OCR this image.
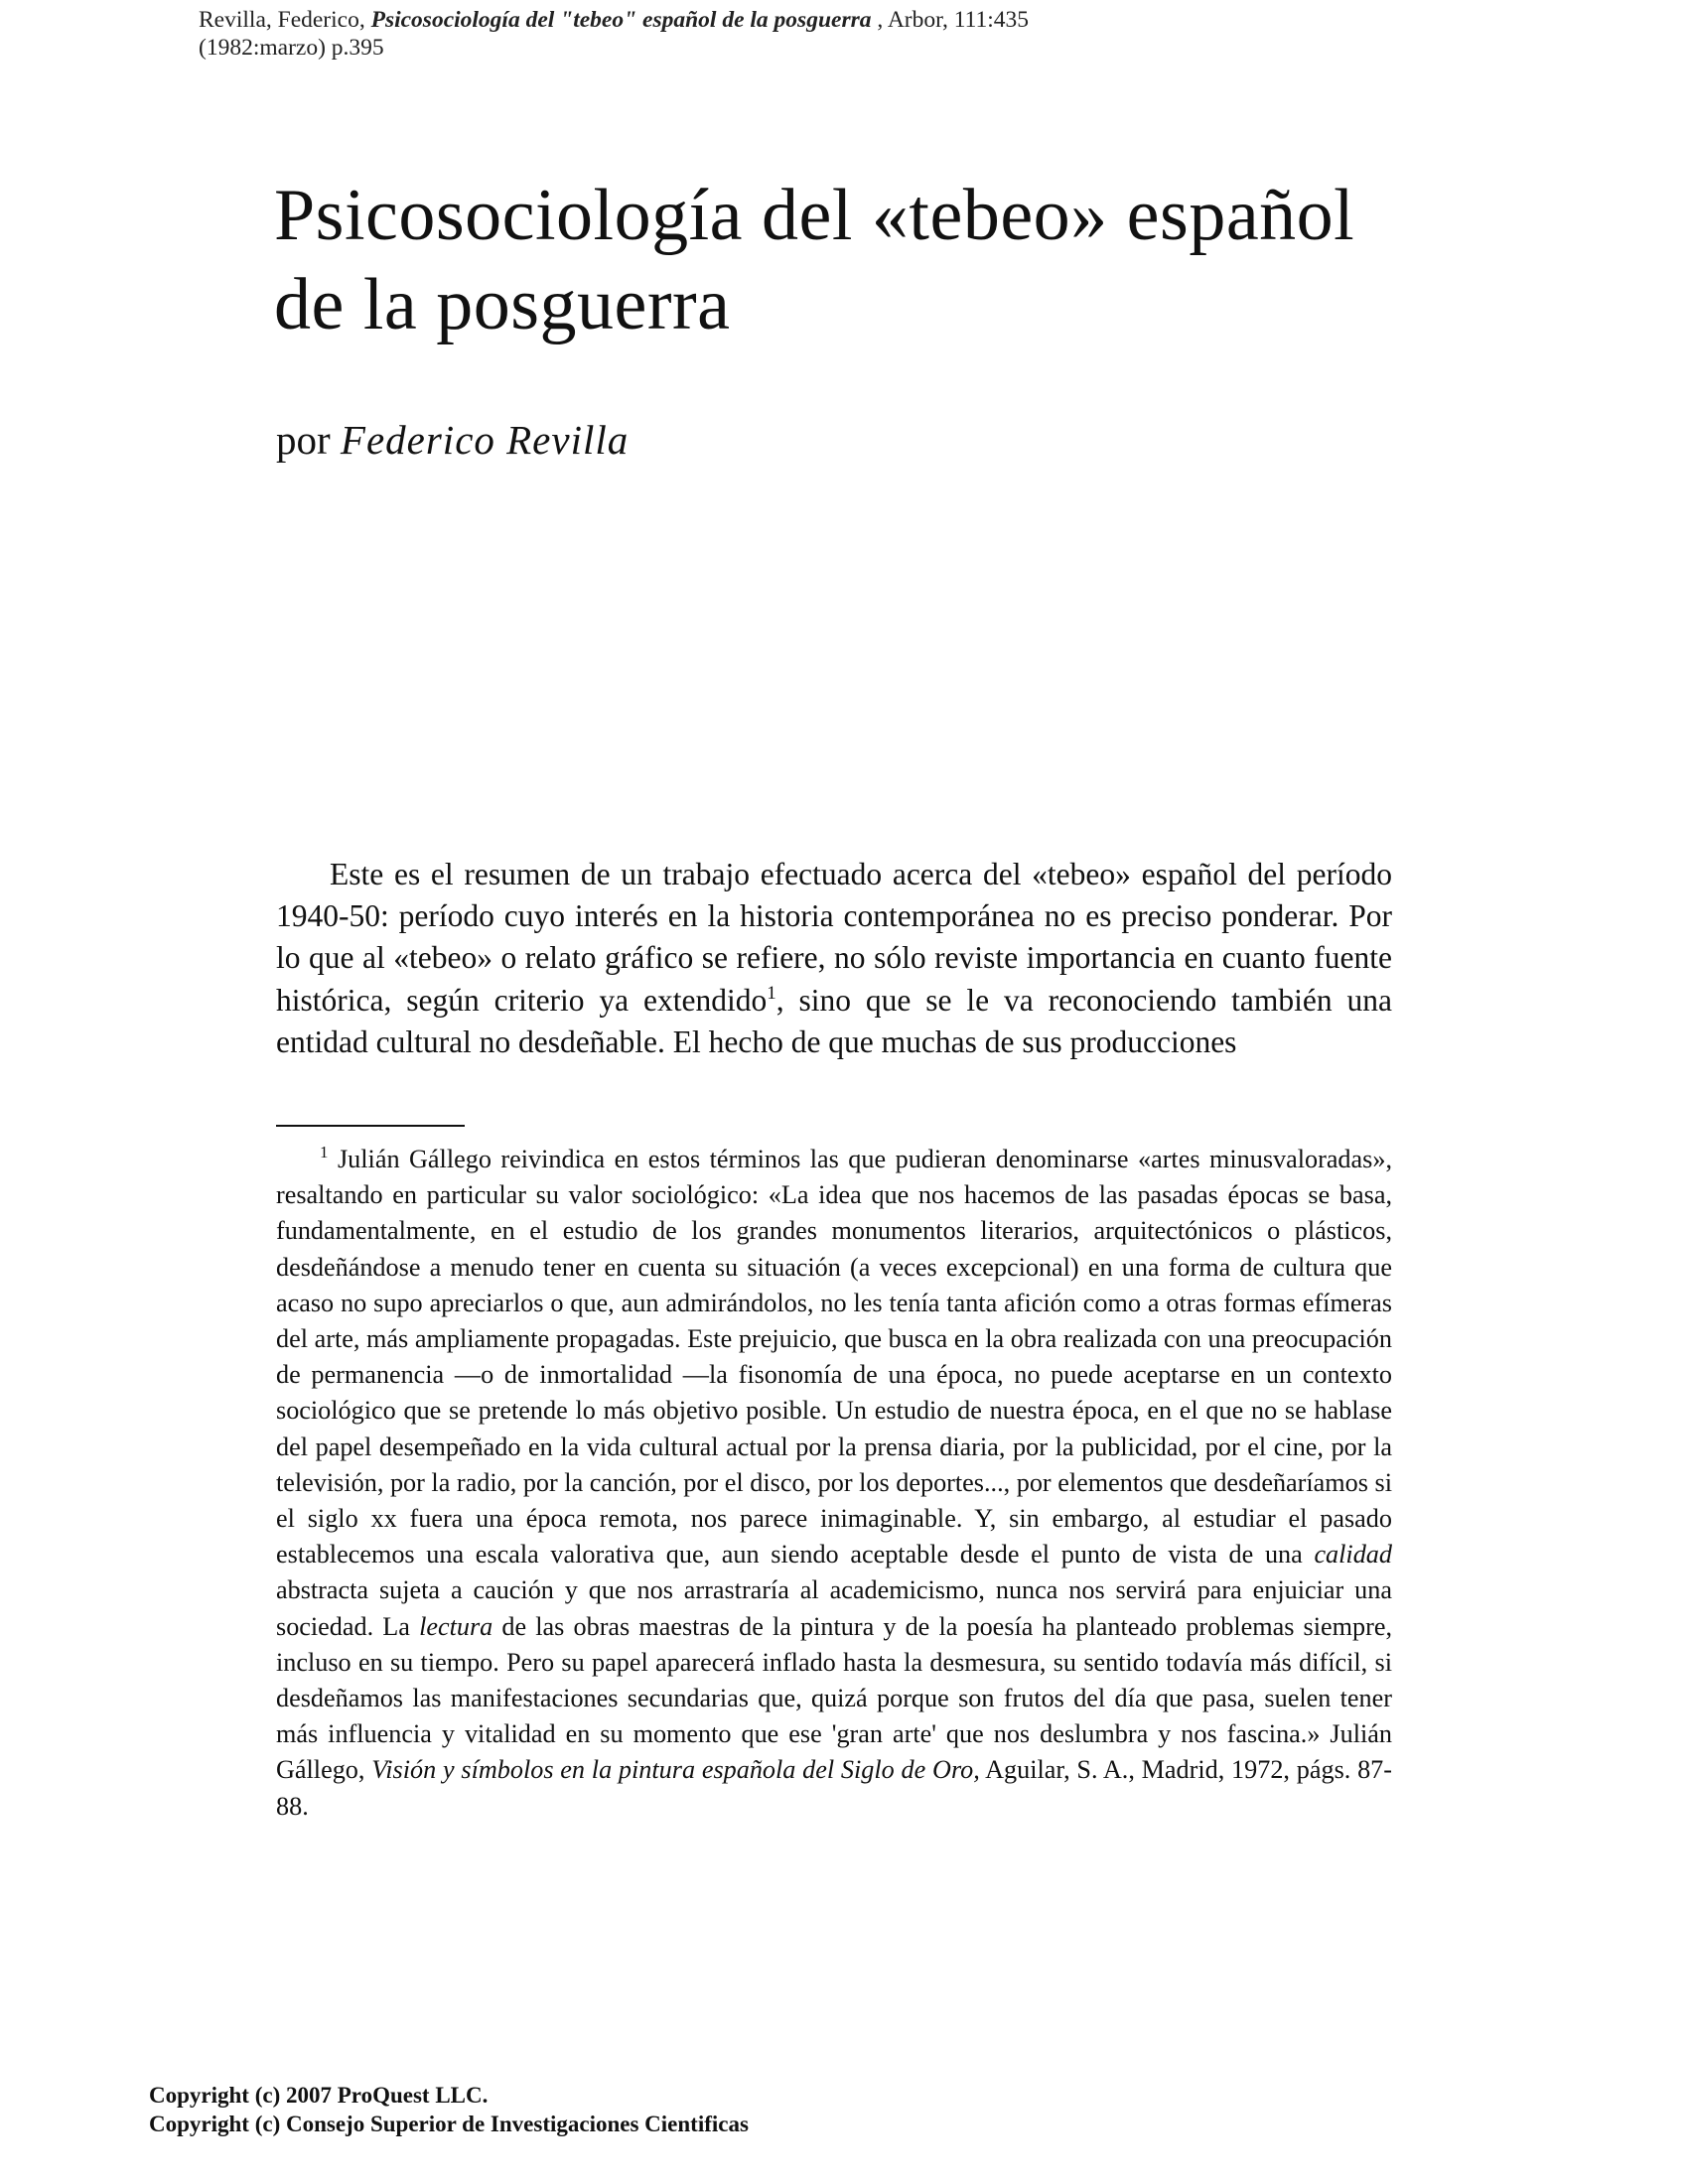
Revilla, Federico, Psicosociología del "tebeo" español de la posguerra , Arbor, 111:435
(1982:marzo) p.395
Psicosociología del «tebeo» español
de la posguerra
por Federico Revilla

Este es el resumen de un trabajo efectuado acerca del «tebeo» español del período 1940-50: período cuyo interés en la historia contemporánea no es preciso ponderar. Por lo que al «tebeo» o relato gráfico se refiere, no sólo reviste importancia en cuanto fuente histórica, según criterio ya extendido$^1$, sino que se le va reconociendo también una entidad cultural no desdeñable. El hecho de que muchas de sus producciones

$^1$ Julián Gállego reivindica en estos términos las que pudieran denominarse «artes minusvaloradas», resaltando en particular su valor sociológico: «La idea que nos hacemos de las pasadas épocas se basa, fundamentalmente, en el estudio de los grandes monumentos literarios, arquitectónicos o plásticos, desdeñándose a menudo tener en cuenta su situación (a veces excepcional) en una forma de cultura que acaso no supo apreciarlos o que, aun admirándolos, no les tenía tanta afición como a otras formas efímeras del arte, más ampliamente propagadas. Este prejuicio, que busca en la obra realizada con una preocupación de permanencia —o de inmortalidad —la fisonomía de una época, no puede aceptarse en un contexto sociológico que se pretende lo más objetivo posible. Un estudio de nuestra época, en el que no se hablase del papel desempeñado en la vida cultural actual por la prensa diaria, por la publicidad, por el cine, por la televisión, por la radio, por la canción, por el disco, por los deportes..., por elementos que desdeñaríamos si el siglo xx fuera una época remota, nos parece inimaginable. Y, sin embargo, al estudiar el pasado establecemos una escala valorativa que, aun siendo aceptable desde el punto de vista de una calidad abstracta sujeta a caución y que nos arrastraría al academicismo, nunca nos servirá para enjuiciar una sociedad. La lectura de las obras maestras de la pintura y de la poesía ha planteado problemas siempre, incluso en su tiempo. Pero su papel aparecerá inflado hasta la desmesura, su sentido todavía más difícil, si desdeñamos las manifestaciones secundarias que, quizá porque son frutos del día que pasa, suelen tener más influencia y vitalidad en su momento que ese 'gran arte' que nos deslumbra y nos fascina.» Julián Gállego, Visión y símbolos en la pintura española del Siglo de Oro, Aguilar, S. A., Madrid, 1972, págs. 87-88.

Copyright (c) 2007 ProQuest LLC.
Copyright (c) Consejo Superior de Investigaciones Cientificas
